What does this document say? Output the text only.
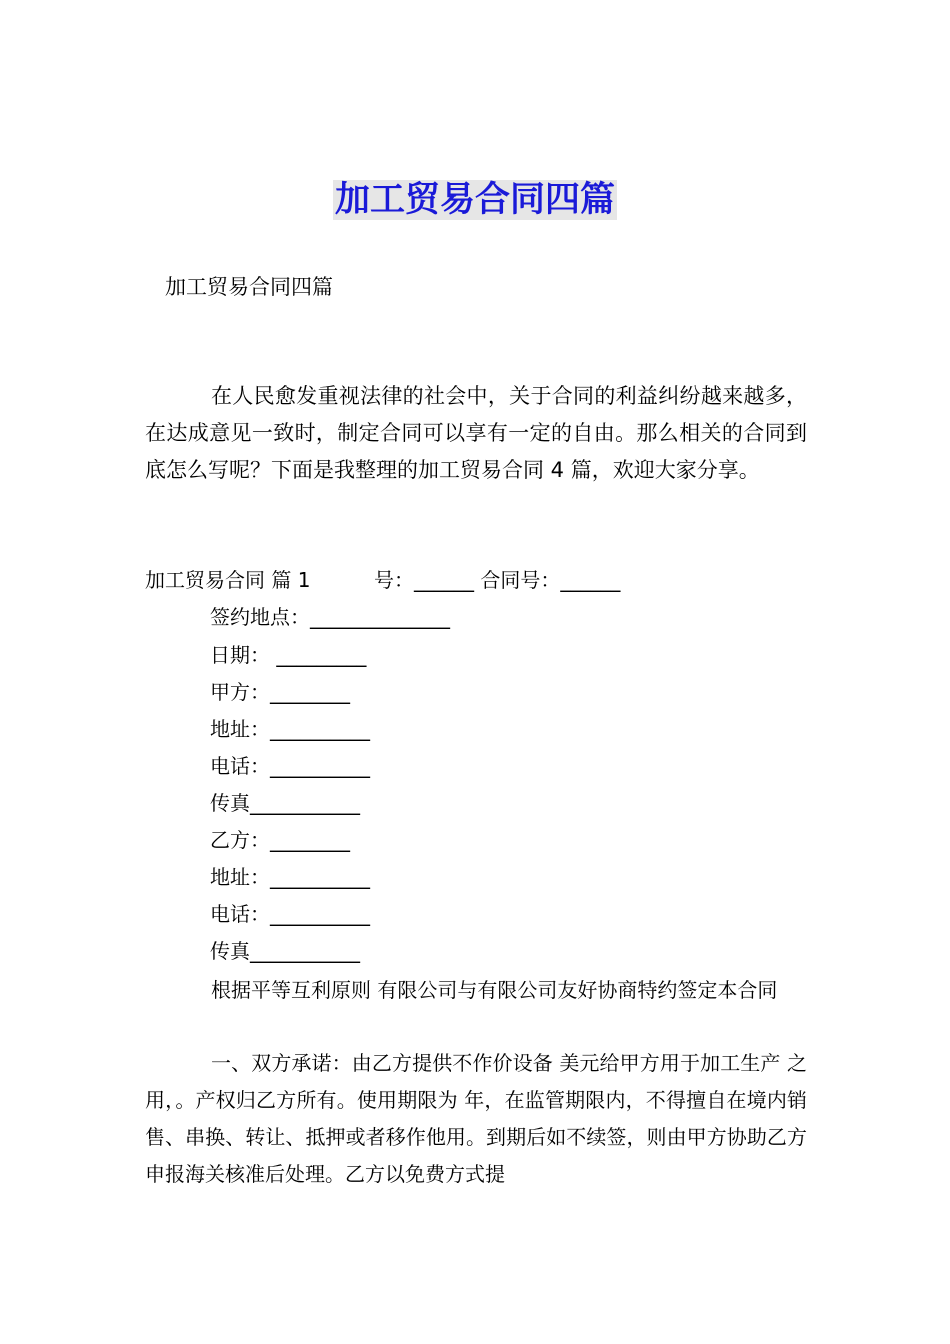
加工贸易合同四篇
加工贸易合同四篇

在人民愈发重视法律的社会中，关于合同的利益纠纷越来越多，在达成意见一致时，制定合同可以享有一定的自由。那么相关的合同到底怎么写呢？下面是我整理的加工贸易合同 4 篇，欢迎大家分享。

加工贸易合同 篇 1          号：______ 合同号：______
签约地点：______________
日期： _________
甲方：________
地址：__________
电话：__________
传真___________
乙方：________
地址：__________
电话：__________
传真___________

根据平等互利原则 有限公司与有限公司友好协商特约签定本合同

一、双方承诺：由乙方提供不作价设备 美元给甲方用于加工生产 之用，。产权归乙方所有。使用期限为 年，在监管期限内，不得擅自在境内销售、串换、转让、抵押或者移作他用。到期后如不续签，则由甲方协助乙方申报海关核准后处理。乙方以免费方式提
